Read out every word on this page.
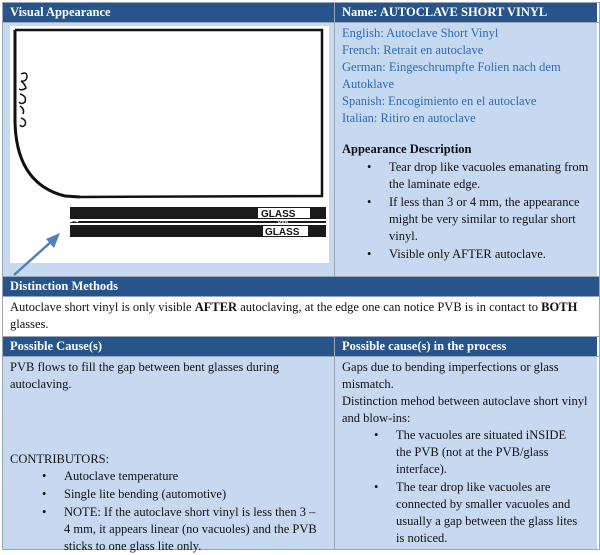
Visual Appearance	Name: AUTOCLAVE SHORT VINYL
GLASS
PVB
GLASS
English: Autoclave Short Vinyl
French: Retrait en autoclave
German: Eingeschrumpfte Folien nach dem Autoklave
Spanish: Encogimiento en el autoclave
Italian: Ritiro en autoclave
Appearance Description
• Tear drop like vacuoles emanating from the laminate edge.
• If less than 3 or 4 mm, the appearance might be very similar to regular short vinyl.
• Visible only AFTER autoclave.
Distinction Methods
Autoclave short vinyl is only visible AFTER autoclaving, at the edge one can notice PVB is in contact to BOTH glasses.
Possible Cause(s)	Possible cause(s) in the process
PVB flows to fill the gap between bent glasses during autoclaving.
CONTRIBUTORS:
• Autoclave temperature
• Single lite bending (automotive)
• NOTE: If the autoclave short vinyl is less then 3 – 4 mm, it appears linear (no vacuoles) and the PVB sticks to one glass lite only.
Gaps due to bending imperfections or glass mismatch.
Distinction mehod between autoclave short vinyl and blow-ins:
• The vacuoles are situated iNSIDE the PVB (not at the PVB/glass interface).
• The tear drop like vacuoles are connected by smaller vacuoles and usually a gap between the glass lites is noticed.
